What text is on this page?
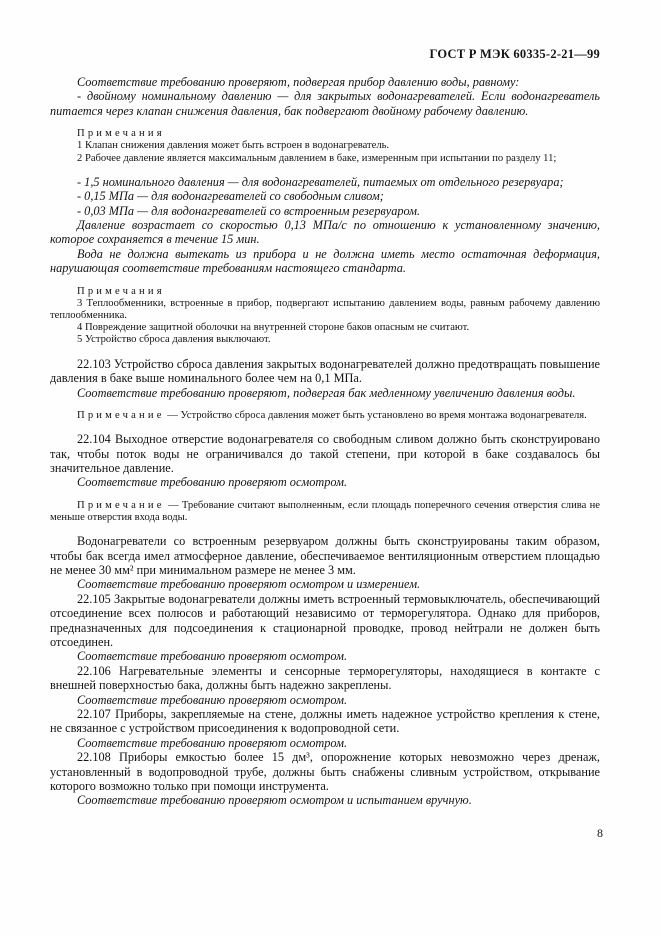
ГОСТ Р МЭК 60335-2-21—99
Соответствие требованию проверяют, подвергая прибор давлению воды, равному:
- двойному номинальному давлению — для закрытых водонагревателей. Если водонагреватель питается через клапан снижения давления, бак подвергают двойному рабочему давлению.
Примечания
1 Клапан снижения давления может быть встроен в водонагреватель.
2 Рабочее давление является максимальным давлением в баке, измеренным при испытании по разделу 11;
- 1,5 номинального давления — для водонагревателей, питаемых от отдельного резервуара;
- 0,15 МПа — для водонагревателей со свободным сливом;
- 0,03 МПа — для водонагревателей со встроенным резервуаром.
Давление возрастает со скоростью 0,13 МПа/с по отношению к установленному значению, которое сохраняется в течение 15 мин.
Вода не должна вытекать из прибора и не должна иметь место остаточная деформация, нарушающая соответствие требованиям настоящего стандарта.
Примечания
3 Теплообменники, встроенные в прибор, подвергают испытанию давлением воды, равным рабочему давлению теплообменника.
4 Повреждение защитной оболочки на внутренней стороне баков опасным не считают.
5 Устройство сброса давления выключают.
22.103 Устройство сброса давления закрытых водонагревателей должно предотвращать повышение давления в баке выше номинального более чем на 0,1 МПа.
Соответствие требованию проверяют, подвергая бак медленному увеличению давления воды.
Примечание — Устройство сброса давления может быть установлено во время монтажа водонагревателя.
22.104 Выходное отверстие водонагревателя со свободным сливом должно быть сконструировано так, чтобы поток воды не ограничивался до такой степени, при которой в баке создавалось бы значительное давление.
Соответствие требованию проверяют осмотром.
Примечание — Требование считают выполненным, если площадь поперечного сечения отверстия слива не меньше отверстия входа воды.
Водонагреватели со встроенным резервуаром должны быть сконструированы таким образом, чтобы бак всегда имел атмосферное давление, обеспечиваемое вентиляционным отверстием площадью не менее 30 мм² при минимальном размере не менее 3 мм.
Соответствие требованию проверяют осмотром и измерением.
22.105 Закрытые водонагреватели должны иметь встроенный термовыключатель, обеспечивающий отсоединение всех полюсов и работающий независимо от терморегулятора. Однако для приборов, предназначенных для подсоединения к стационарной проводке, провод нейтрали не должен быть отсоединен.
Соответствие требованию проверяют осмотром.
22.106 Нагревательные элементы и сенсорные терморегуляторы, находящиеся в контакте с внешней поверхностью бака, должны быть надежно закреплены.
Соответствие требованию проверяют осмотром.
22.107 Приборы, закрепляемые на стене, должны иметь надежное устройство крепления к стене, не связанное с устройством присоединения к водопроводной сети.
Соответствие требованию проверяют осмотром.
22.108 Приборы емкостью более 15 дм³, опорожнение которых невозможно через дренаж, установленный в водопроводной трубе, должны быть снабжены сливным устройством, открывание которого возможно только при помощи инструмента.
Соответствие требованию проверяют осмотром и испытанием вручную.
8
